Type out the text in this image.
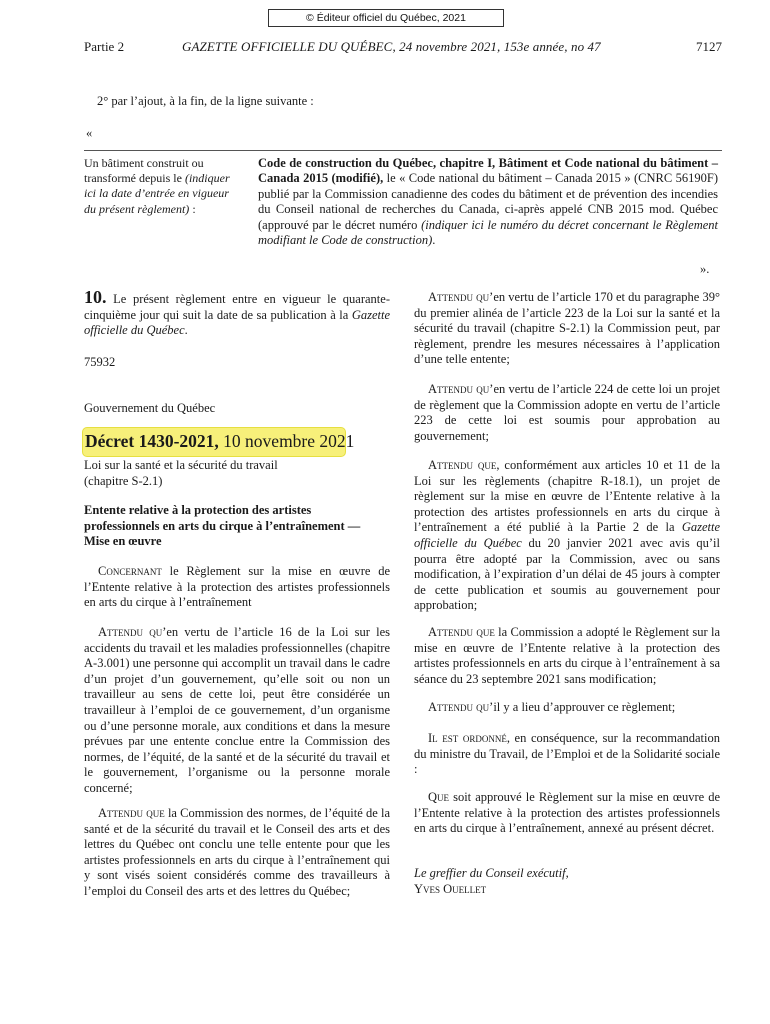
© Éditeur officiel du Québec, 2021
Partie 2	GAZETTE OFFICIELLE DU QUÉBEC, 24 novembre 2021, 153e année, no 47	7127

2° par l’ajout, à la fin, de la ligne suivante :

«

Un bâtiment construit ou transformé depuis le (indiquer ici la date d’entrée en vigueur du présent règlement) :

Code de construction du Québec, chapitre I, Bâtiment et Code national du bâtiment – Canada 2015 (modifié), le « Code national du bâtiment – Canada 2015 » (CNRC 56190F) publié par la Commission canadienne des codes du bâtiment et de prévention des incendies du Conseil national de recherches du Canada, ci-après appelé CNB 2015 mod. Québec (approuvé par le décret numéro (indiquer ici le numéro du décret concernant le Règlement modifiant le Code de construction).

».

10. Le présent règlement entre en vigueur le quarante-cinquième jour qui suit la date de sa publication à la Gazette officielle du Québec.

75932

Gouvernement du Québec

Décret 1430-2021, 10 novembre 2021

Loi sur la santé et la sécurité du travail (chapitre S-2.1)

Entente relative à la protection des artistes professionnels en arts du cirque à l’entraînement — Mise en œuvre

Concernant le Règlement sur la mise en œuvre de l’Entente relative à la protection des artistes professionnels en arts du cirque à l’entraînement

Attendu qu’en vertu de l’article 16 de la Loi sur les accidents du travail et les maladies professionnelles (chapitre A-3.001) une personne qui accomplit un travail dans le cadre d’un projet d’un gouvernement, qu’elle soit ou non un travailleur au sens de cette loi, peut être considérée un travailleur à l’emploi de ce gouvernement, d’un organisme ou d’une personne morale, aux conditions et dans la mesure prévues par une entente conclue entre la Commission des normes, de l’équité, de la santé et de la sécurité du travail et le gouvernement, l’organisme ou la personne morale concerné;

Attendu que la Commission des normes, de l’équité de la santé et de la sécurité du travail et le Conseil des arts et des lettres du Québec ont conclu une telle entente pour que les artistes professionnels en arts du cirque à l’entraînement qui y sont visés soient considérés comme des travailleurs à l’emploi du Conseil des arts et des lettres du Québec;

Attendu qu’en vertu de l’article 170 et du paragraphe 39° du premier alinéa de l’article 223 de la Loi sur la santé et la sécurité du travail (chapitre S-2.1) la Commission peut, par règlement, prendre les mesures nécessaires à l’application d’une telle entente;

Attendu qu’en vertu de l’article 224 de cette loi un projet de règlement que la Commission adopte en vertu de l’article 223 de cette loi est soumis pour approbation au gouvernement;

Attendu que, conformément aux articles 10 et 11 de la Loi sur les règlements (chapitre R-18.1), un projet de règlement sur la mise en œuvre de l’Entente relative à la protection des artistes professionnels en arts du cirque à l’entraînement a été publié à la Partie 2 de la Gazette officielle du Québec du 20 janvier 2021 avec avis qu’il pourra être adopté par la Commission, avec ou sans modification, à l’expiration d’un délai de 45 jours à compter de cette publication et soumis au gouvernement pour approbation;

Attendu que la Commission a adopté le Règlement sur la mise en œuvre de l’Entente relative à la protection des artistes professionnels en arts du cirque à l’entraînement à sa séance du 23 septembre 2021 sans modification;

Attendu qu’il y a lieu d’approuver ce règlement;

Il est ordonné, en conséquence, sur la recommandation du ministre du Travail, de l’Emploi et de la Solidarité sociale :

Que soit approuvé le Règlement sur la mise en œuvre de l’Entente relative à la protection des artistes professionnels en arts du cirque à l’entraînement, annexé au présent décret.

Le greffier du Conseil exécutif,

Yves Ouellet
